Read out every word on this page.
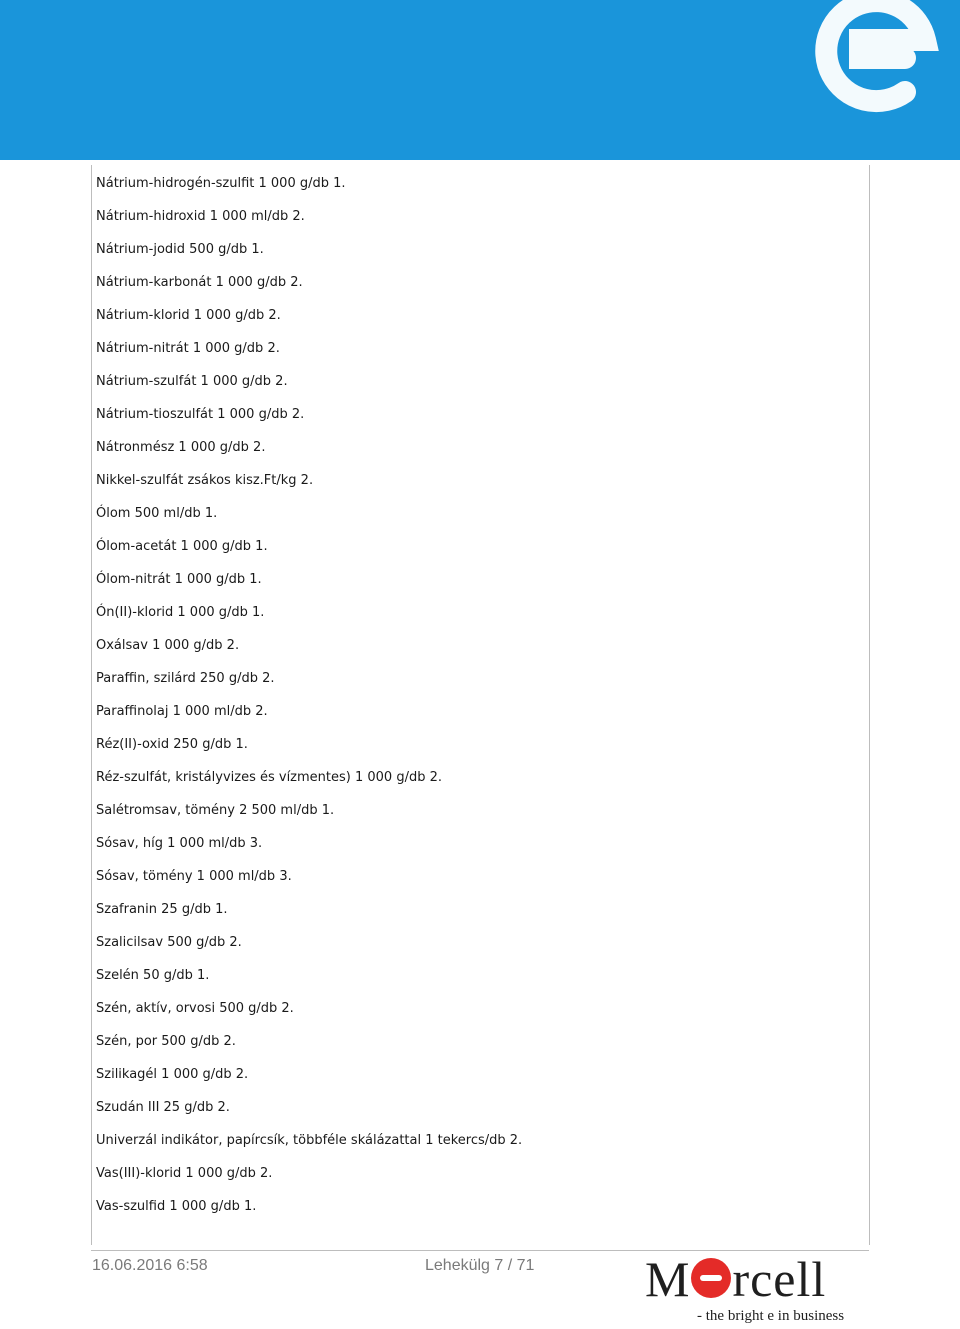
Nátrium-hidrogén-szulfit 1 000 g/db 1.
Nátrium-hidroxid 1 000 ml/db 2.
Nátrium-jodid 500 g/db 1.
Nátrium-karbonát 1 000 g/db 2.
Nátrium-klorid 1 000 g/db 2.
Nátrium-nitrát 1 000 g/db 2.
Nátrium-szulfát 1 000 g/db 2.
Nátrium-tioszulfát 1 000 g/db 2.
Nátronmész 1 000 g/db 2.
Nikkel-szulfát zsákos kisz.Ft/kg 2.
Ólom 500 ml/db 1.
Ólom-acetát 1 000 g/db 1.
Ólom-nitrát 1 000 g/db 1.
Ón(II)-klorid 1 000 g/db 1.
Oxálsav 1 000 g/db 2.
Paraffin, szilárd 250 g/db 2.
Paraffinolaj 1 000 ml/db 2.
Réz(II)-oxid 250 g/db 1.
Réz-szulfát, kristályvizes és vízmentes) 1 000 g/db 2.
Salétromsav, tömény 2 500 ml/db 1.
Sósav, híg 1 000 ml/db 3.
Sósav, tömény 1 000 ml/db 3.
Szafranin 25 g/db 1.
Szalicilsav 500 g/db 2.
Szelén 50 g/db 1.
Szén, aktív, orvosi 500 g/db 2.
Szén, por 500 g/db 2.
Szilikagél 1 000 g/db 2.
Szudán III 25 g/db 2.
Univerzál indikátor, papírcsík, többféle skálázattal 1 tekercs/db 2.
Vas(III)-klorid 1 000 g/db 2.
Vas-szulfid 1 000 g/db 1.
16.06.2016 6:58	Lehekülg 7 / 71 M rcell
- the bright e in business
